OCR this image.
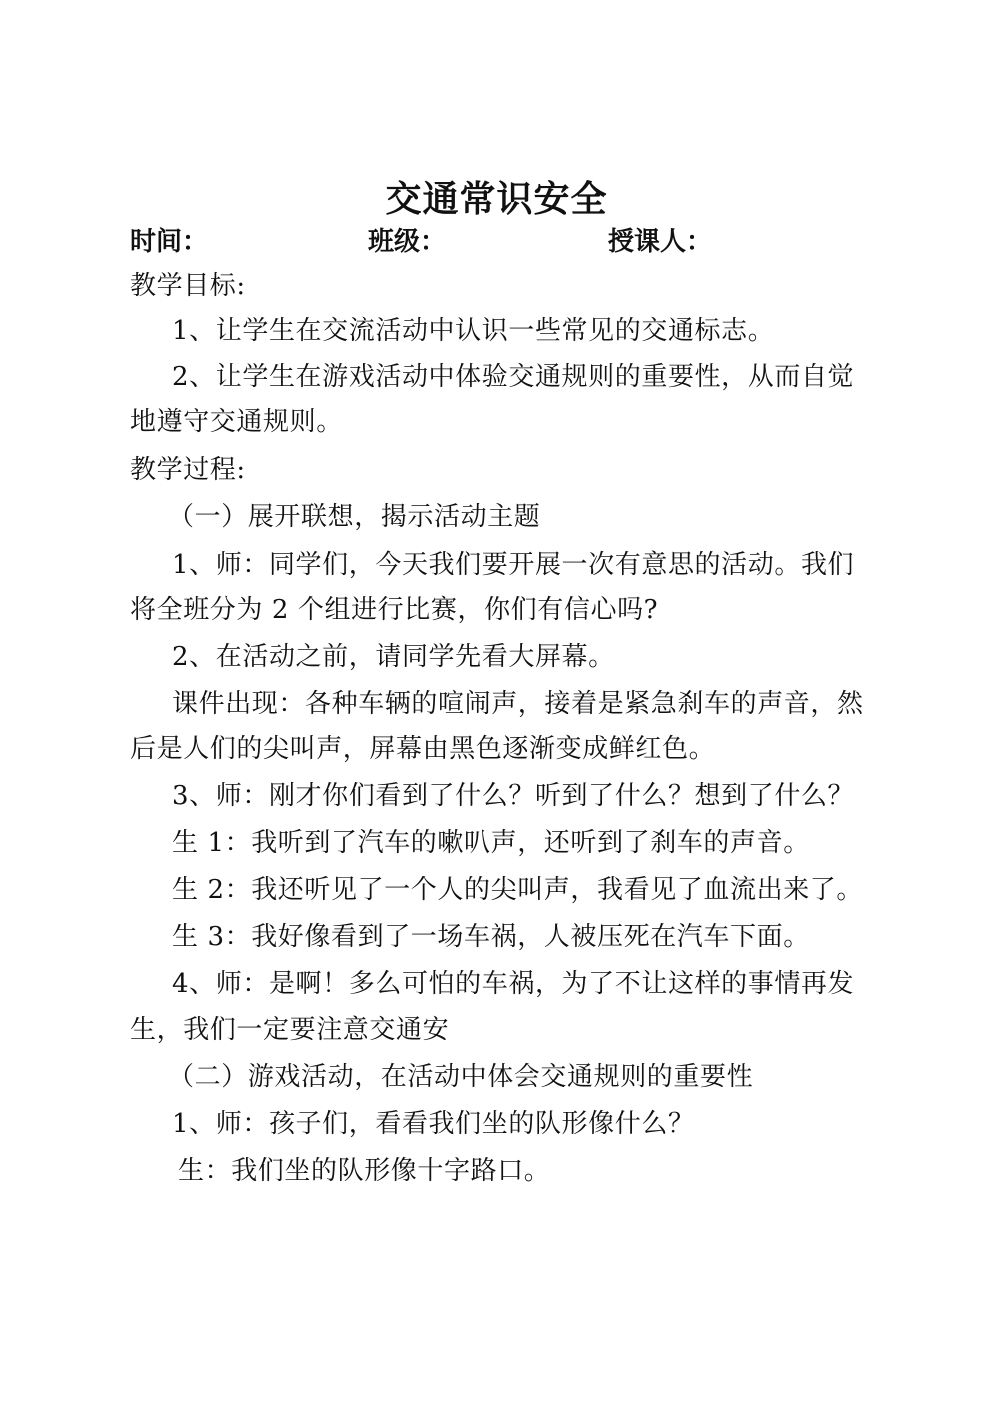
交通常识安全
时间：	班级：	授课人：
教学目标:
1、让学生在交流活动中认识一些常见的交通标志。
2、让学生在游戏活动中体验交通规则的重要性，从而自觉
地遵守交通规则。
教学过程:
（一）展开联想，揭示活动主题
1、师：同学们，今天我们要开展一次有意思的活动。我们
将全班分为 2 个组进行比赛，你们有信心吗?
2、在活动之前，请同学先看大屏幕。
课件出现：各种车辆的喧闹声，接着是紧急刹车的声音，然
后是人们的尖叫声，屏幕由黑色逐渐变成鲜红色。
3、师：刚才你们看到了什么？听到了什么？想到了什么？
生 1：我听到了汽车的嗽叭声，还听到了刹车的声音。
生 2：我还听见了一个人的尖叫声，我看见了血流出来了。
生 3：我好像看到了一场车祸，人被压死在汽车下面。
4、师：是啊！多么可怕的车祸，为了不让这样的事情再发
生，我们一定要注意交通安
（二）游戏活动，在活动中体会交通规则的重要性
1、师：孩子们，看看我们坐的队形像什么？
生：我们坐的队形像十字路口。
